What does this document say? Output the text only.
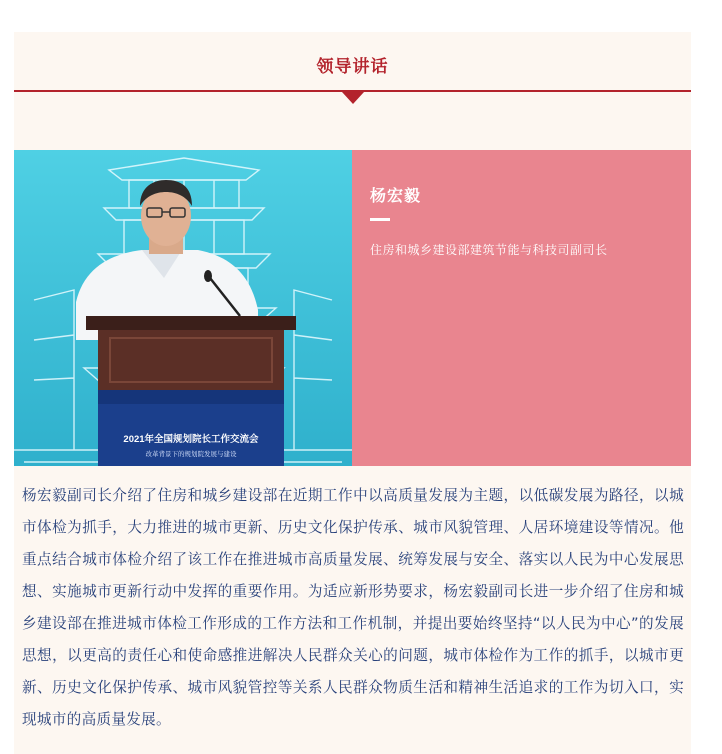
领导讲话
2021年全国规划院长工作交流会
改革背景下的规划院发展与建设
杨宏毅
住房和城乡建设部建筑节能与科技司副司长
杨宏毅副司长介绍了住房和城乡建设部在近期工作中以高质量发展为主题，以低碳发展为路径，以城市体检为抓手，大力推进的城市更新、历史文化保护传承、城市风貌管理、人居环境建设等情况。他重点结合城市体检介绍了该工作在推进城市高质量发展、统筹发展与安全、落实以人民为中心发展思想、实施城市更新行动中发挥的重要作用。为适应新形势要求，杨宏毅副司长进一步介绍了住房和城乡建设部在推进城市体检工作形成的工作方法和工作机制，并提出要始终坚持“以人民为中心”的发展思想，以更高的责任心和使命感推进解决人民群众关心的问题，城市体检作为工作的抓手，以城市更新、历史文化保护传承、城市风貌管控等关系人民群众物质生活和精神生活追求的工作为切入口，实现城市的高质量发展。
